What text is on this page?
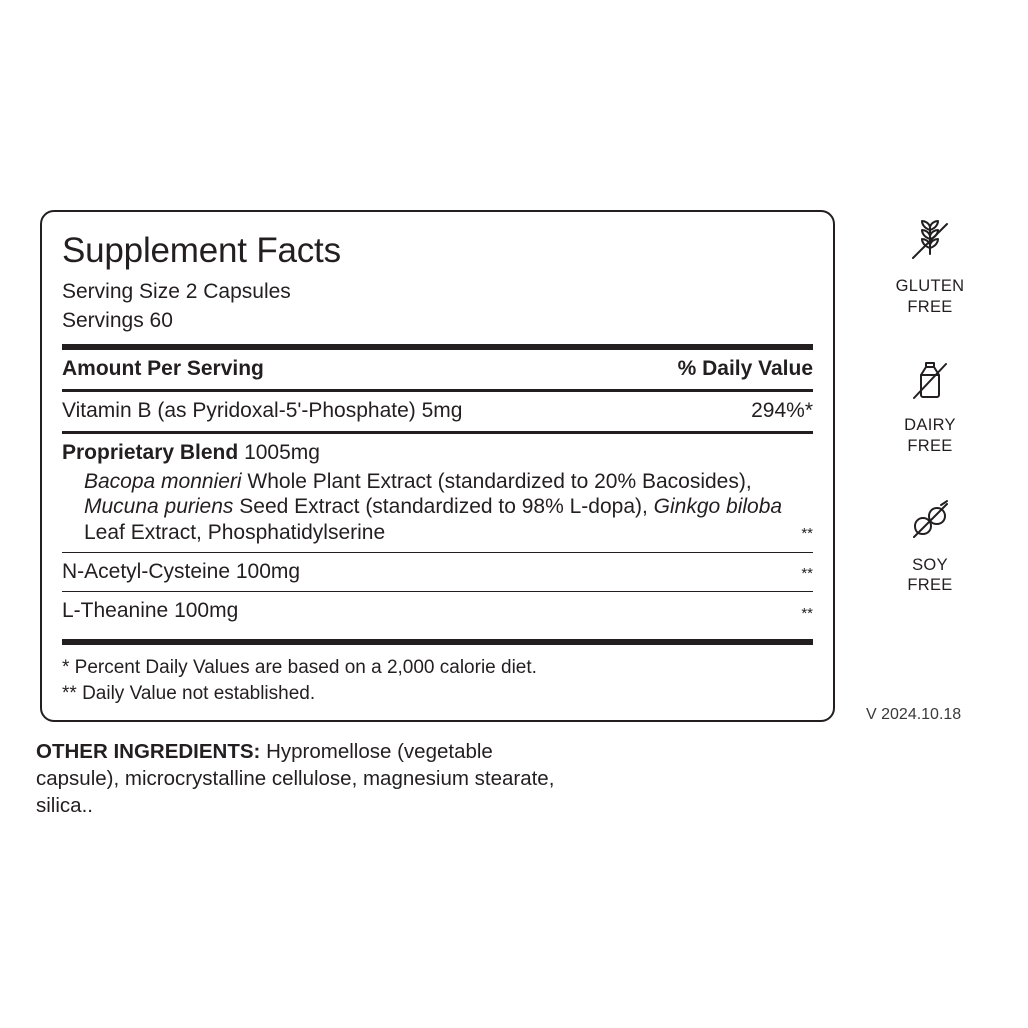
Supplement Facts
Serving Size 2 Capsules
Servings 60
Amount Per Serving	% Daily Value
Vitamin B (as Pyridoxal-5'-Phosphate) 5mg	294%*
Proprietary Blend 1005mg
Bacopa monnieri Whole Plant Extract (standardized to 20% Bacosides), Mucuna puriens Seed Extract (standardized to 98% L-dopa), Ginkgo biloba Leaf Extract, Phosphatidylserine	**
N-Acetyl-Cysteine 100mg	**
L-Theanine 100mg	**
* Percent Daily Values are based on a 2,000 calorie diet.
** Daily Value not established.
OTHER INGREDIENTS: Hypromellose (vegetable capsule), microcrystalline cellulose, magnesium stearate, silica..
V 2024.10.18
GLUTEN
FREE
DAIRY
FREE
SOY
FREE
